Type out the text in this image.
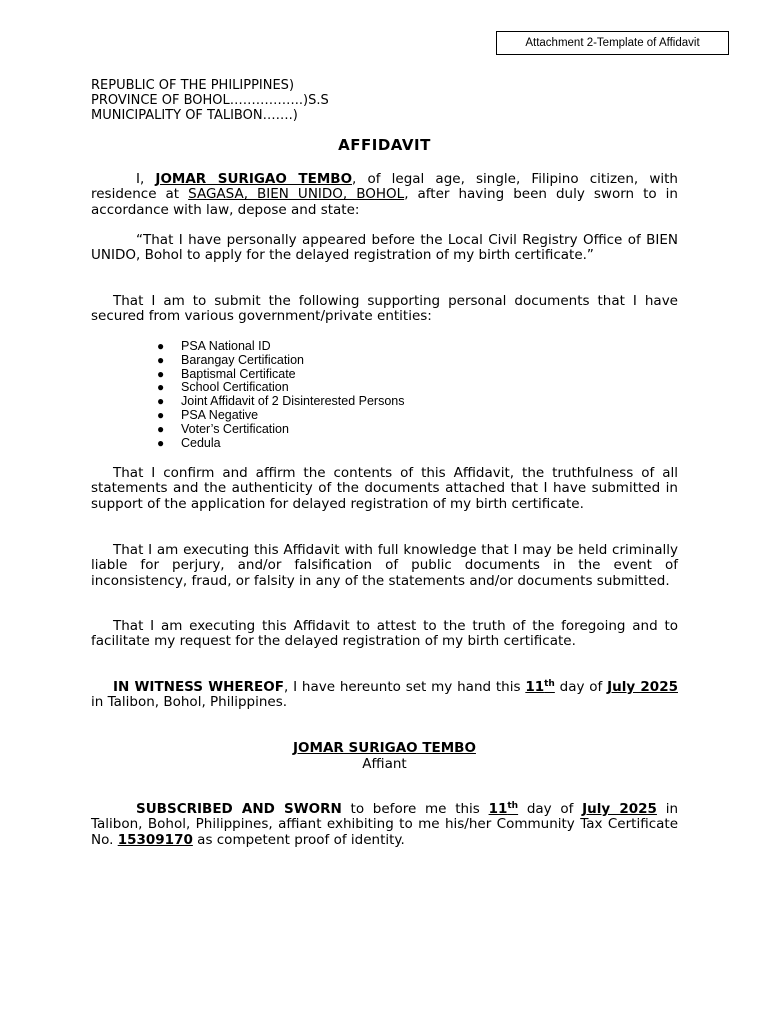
Attachment 2-Template of Affidavit
REPUBLIC OF THE PHILIPPINES)
PROVINCE OF BOHOL……………..)S.S
MUNICIPALITY OF TALIBON…….)
AFFIDAVIT

I, JOMAR SURIGAO TEMBO, of legal age, single, Filipino citizen, with residence at SAGASA, BIEN UNIDO, BOHOL, after having been duly sworn to in accordance with law, depose and state:

“That I have personally appeared before the Local Civil Registry Office of BIEN UNIDO, Bohol to apply for the delayed registration of my birth certificate.”

That I am to submit the following supporting personal documents that I have secured from various government/private entities:

● PSA National ID
● Barangay Certification
● Baptismal Certificate
● School Certification
● Joint Affidavit of 2 Disinterested Persons
● PSA Negative
● Voter’s Certification
● Cedula

That I confirm and affirm the contents of this Affidavit, the truthfulness of all statements and the authenticity of the documents attached that I have submitted in support of the application for delayed registration of my birth certificate.

That I am executing this Affidavit with full knowledge that I may be held criminally liable for perjury, and/or falsification of public documents in the event of inconsistency, fraud, or falsity in any of the statements and/or documents submitted.

That I am executing this Affidavit to attest to the truth of the foregoing and to facilitate my request for the delayed registration of my birth certificate.

IN WITNESS WHEREOF, I have hereunto set my hand this 11th day of July 2025 in Talibon, Bohol, Philippines.

JOMAR SURIGAO TEMBO
Affiant

SUBSCRIBED AND SWORN to before me this 11th day of July 2025 in Talibon, Bohol, Philippines, affiant exhibiting to me his/her Community Tax Certificate No. 15309170 as competent proof of identity.
